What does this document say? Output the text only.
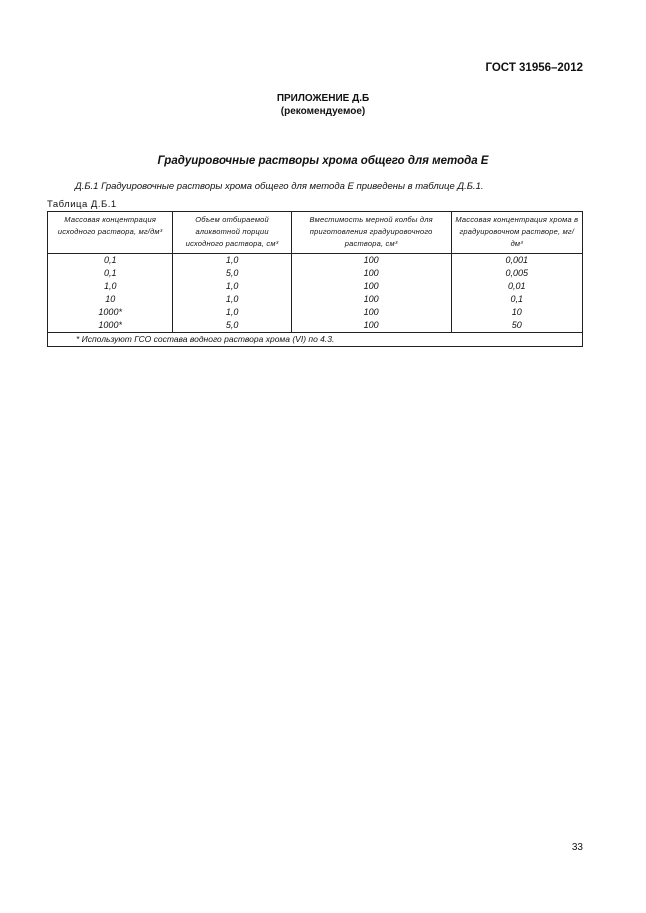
ГОСТ 31956–2012
ПРИЛОЖЕНИЕ Д.Б
(рекомендуемое)
Градуировочные растворы хрома общего для метода Е
Д.Б.1 Градуировочные растворы хрома общего для метода Е приведены в таблице Д.Б.1.
Таблица Д.Б.1
Массовая концентрация исходного раствора, мг/дм³	Объем отбираемой аликвотной порции исходного раствора, см³	Вместимость мерной колбы для приготовления градуировочного раствора, см³	Массовая концентрация хрома в градуировочном растворе, мг/дм³
0,1	1,0	100	0,001
0,1	5,0	100	0,005
1,0	1,0	100	0,01
10	1,0	100	0,1
1000*	1,0	100	10
1000*	5,0	100	50
* Используют ГСО состава водного раствора хрома (VI) по 4.3.			
33
